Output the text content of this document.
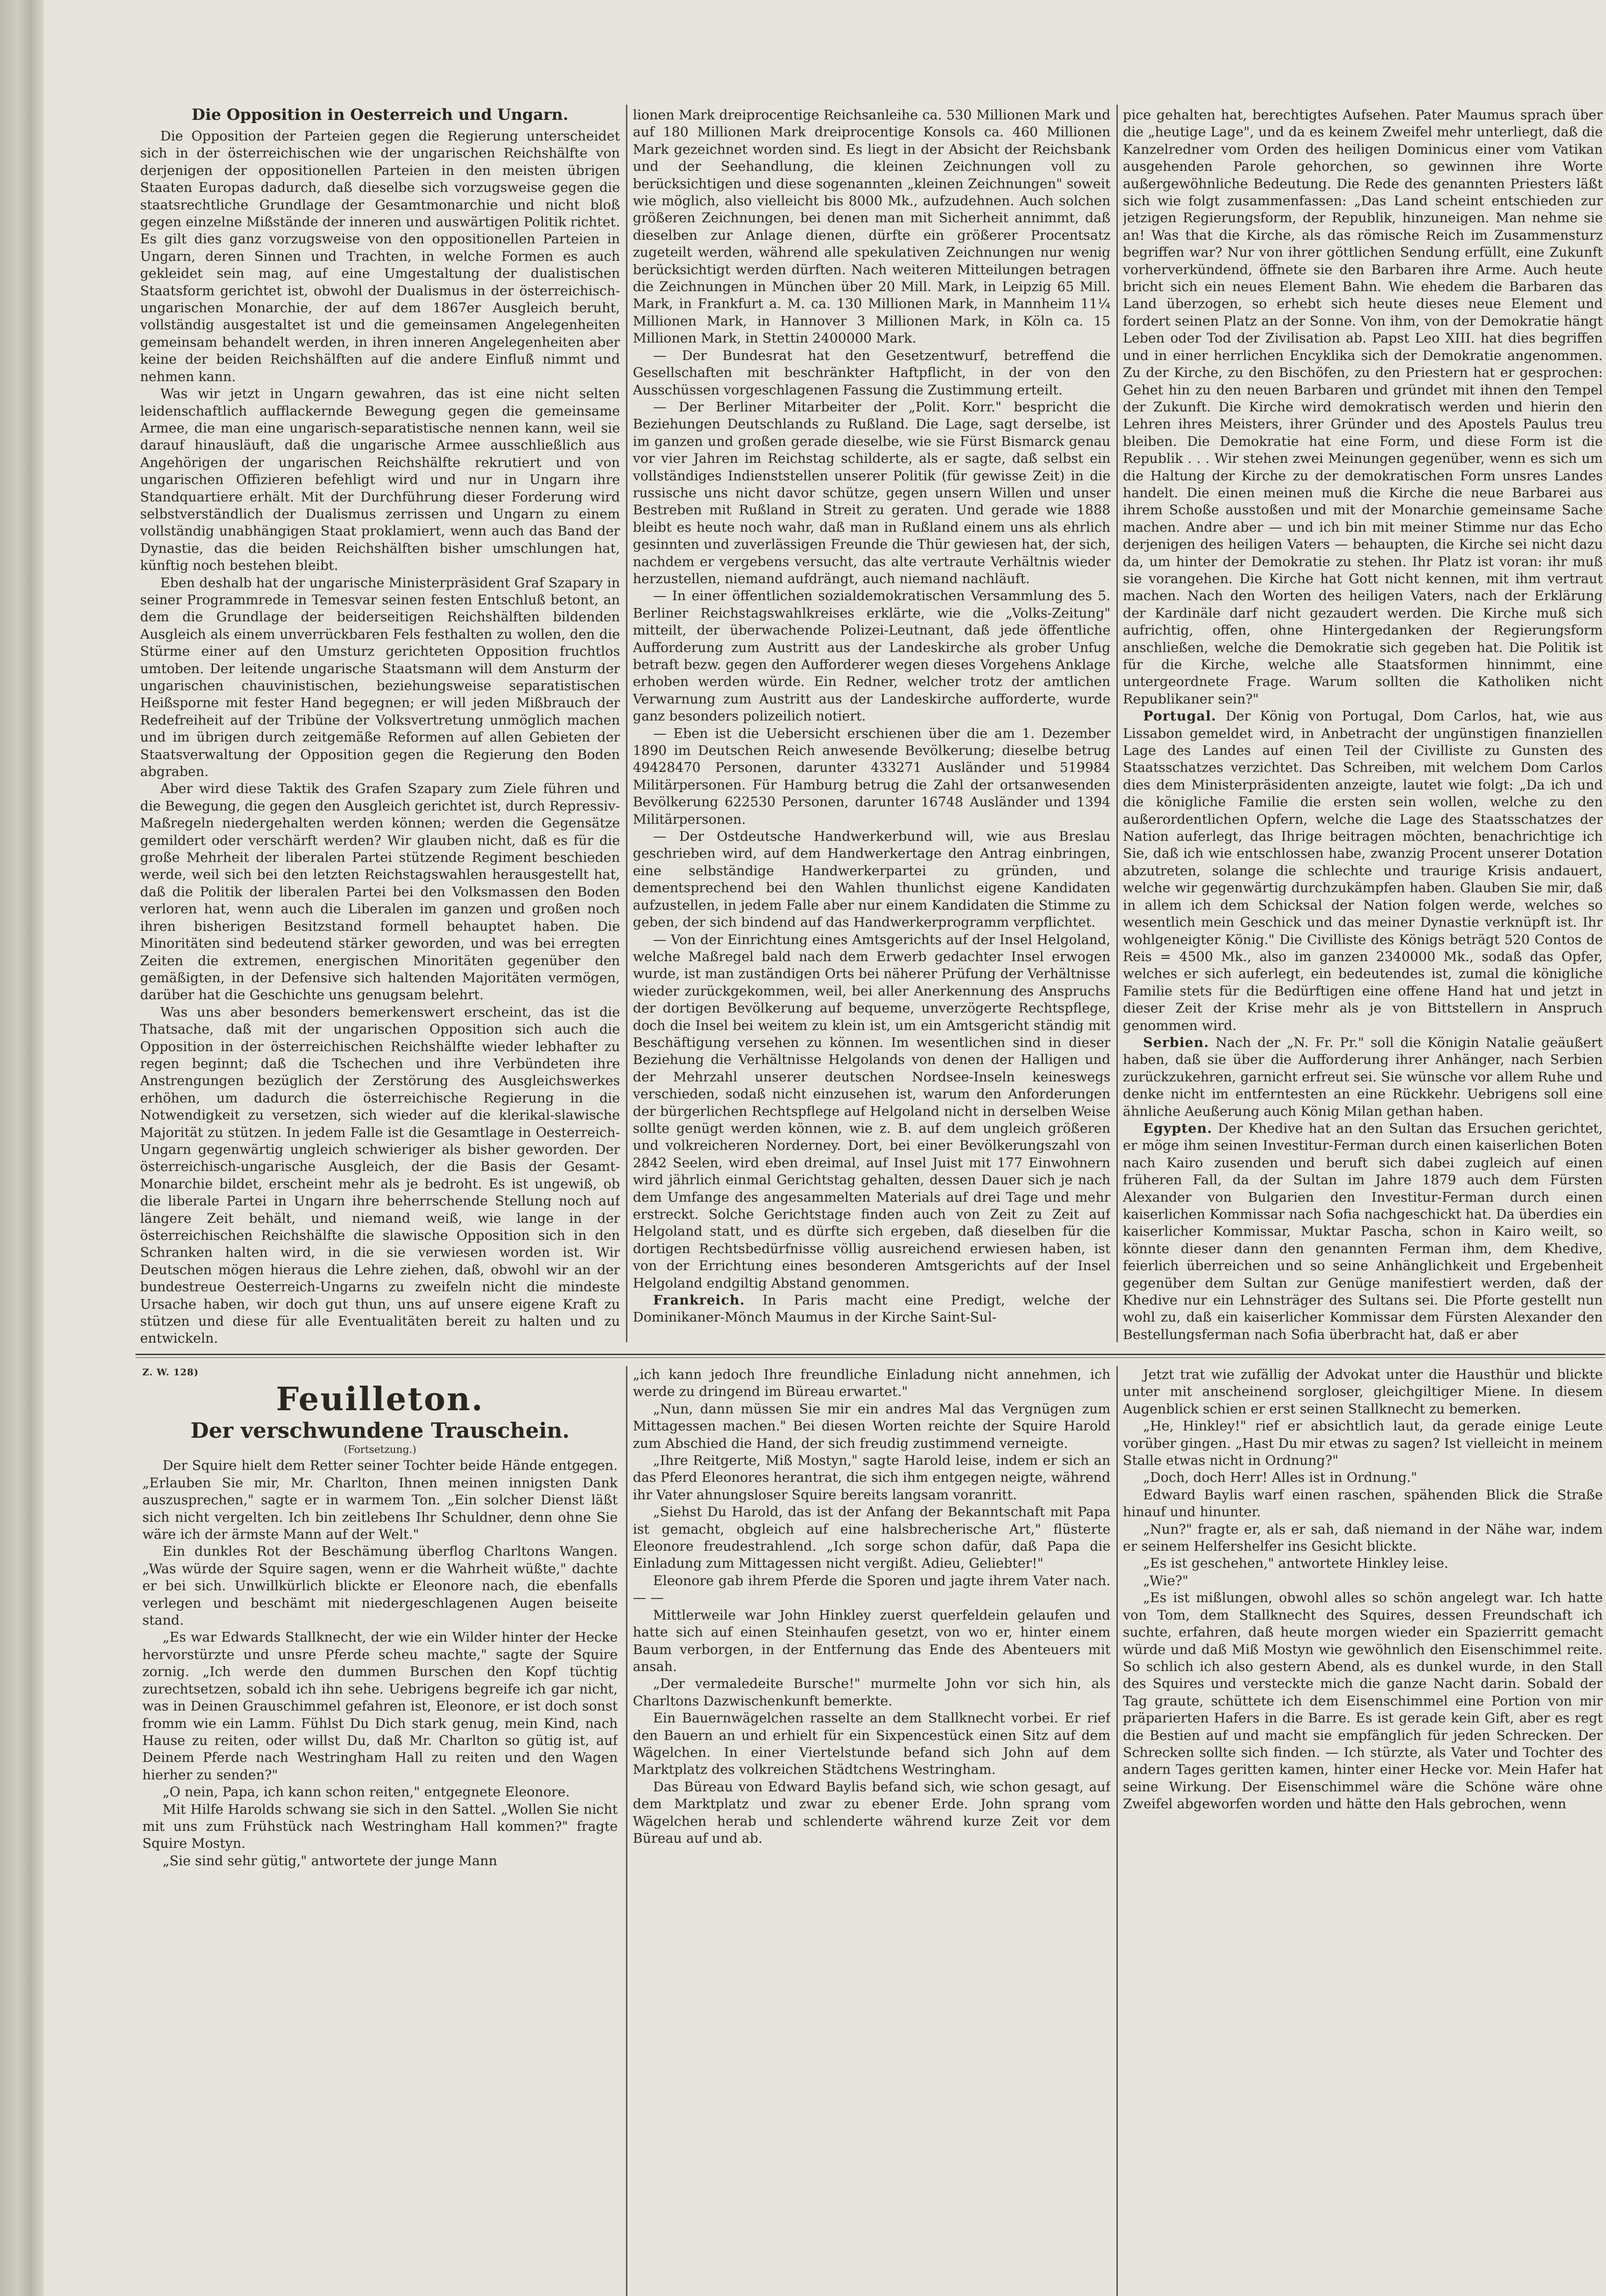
Die Opposition in Oesterreich und Ungarn.

Die Opposition der Parteien gegen die Regierung unterscheidet sich in der österreichischen wie der ungarischen Reichshälfte von derjenigen der oppositionellen Parteien in den meisten übrigen Staaten Europas dadurch, daß dieselbe sich vorzugsweise gegen die staatsrechtliche Grundlage der Gesamtmonarchie und nicht bloß gegen einzelne Mißstände der inneren und auswärtigen Politik richtet. Es gilt dies ganz vorzugsweise von den oppositionellen Parteien in Ungarn, deren Sinnen und Trachten, in welche Formen es auch gekleidet sein mag, auf eine Umgestaltung der dualistischen Staatsform gerichtet ist, obwohl der Dualismus in der österreichisch-ungarischen Monarchie, der auf dem 1867er Ausgleich beruht, vollständig ausgestaltet ist und die gemeinsamen Angelegenheiten gemeinsam behandelt werden, in ihren inneren Angelegenheiten aber keine der beiden Reichshälften auf die andere Einfluß nimmt und nehmen kann.

Was wir jetzt in Ungarn gewahren, das ist eine nicht selten leidenschaftlich aufflackernde Bewegung gegen die gemeinsame Armee, die man eine ungarisch-separatistische nennen kann, weil sie darauf hinausläuft, daß die ungarische Armee ausschließlich aus Angehörigen der ungarischen Reichshälfte rekrutiert und von ungarischen Offizieren befehligt wird und nur in Ungarn ihre Standquartiere erhält. Mit der Durchführung dieser Forderung wird selbstverständlich der Dualismus zerrissen und Ungarn zu einem vollständig unabhängigen Staat proklamiert, wenn auch das Band der Dynastie, das die beiden Reichshälften bisher umschlungen hat, künftig noch bestehen bleibt.

Eben deshalb hat der ungarische Ministerpräsident Graf Szapary in seiner Programmrede in Temesvar seinen festen Entschluß betont, an dem die Grundlage der beiderseitigen Reichshälften bildenden Ausgleich als einem unverrückbaren Fels festhalten zu wollen, den die Stürme einer auf den Umsturz gerichteten Opposition fruchtlos umtoben. Der leitende ungarische Staatsmann will dem Ansturm der ungarischen chauvinistischen, beziehungsweise separatistischen Heißsporne mit fester Hand begegnen; er will jeden Mißbrauch der Redefreiheit auf der Tribüne der Volksvertretung unmöglich machen und im übrigen durch zeitgemäße Reformen auf allen Gebieten der Staatsverwaltung der Opposition gegen die Regierung den Boden abgraben.

Aber wird diese Taktik des Grafen Szapary zum Ziele führen und die Bewegung, die gegen den Ausgleich gerichtet ist, durch Repressiv-Maßregeln niedergehalten werden können; werden die Gegensätze gemildert oder verschärft werden? Wir glauben nicht, daß es für die große Mehrheit der liberalen Partei stützende Regiment beschieden werde, weil sich bei den letzten Reichstagswahlen herausgestellt hat, daß die Politik der liberalen Partei bei den Volksmassen den Boden verloren hat, wenn auch die Liberalen im ganzen und großen noch ihren bisherigen Besitzstand formell behauptet haben. Die Minoritäten sind bedeutend stärker geworden, und was bei erregten Zeiten die extremen, energischen Minoritäten gegenüber den gemäßigten, in der Defensive sich haltenden Majoritäten vermögen, darüber hat die Geschichte uns genugsam belehrt.

Was uns aber besonders bemerkenswert erscheint, das ist die Thatsache, daß mit der ungarischen Opposition sich auch die Opposition in der österreichischen Reichshälfte wieder lebhafter zu regen beginnt; daß die Tschechen und ihre Verbündeten ihre Anstrengungen bezüglich der Zerstörung des Ausgleichswerkes erhöhen, um dadurch die österreichische Regierung in die Notwendigkeit zu versetzen, sich wieder auf die klerikal-slawische Majorität zu stützen. In jedem Falle ist die Gesamtlage in Oesterreich-Ungarn gegenwärtig ungleich schwieriger als bisher geworden. Der österreichisch-ungarische Ausgleich, der die Basis der Gesamt-Monarchie bildet, erscheint mehr als je bedroht. Es ist ungewiß, ob die liberale Partei in Ungarn ihre beherrschende Stellung noch auf längere Zeit behält, und niemand weiß, wie lange in der österreichischen Reichshälfte die slawische Opposition sich in den Schranken halten wird, in die sie verwiesen worden ist. Wir Deutschen mögen hieraus die Lehre ziehen, daß, obwohl wir an der bundestreue Oesterreich-Ungarns zu zweifeln nicht die mindeste Ursache haben, wir doch gut thun, uns auf unsere eigene Kraft zu stützen und diese für alle Eventualitäten bereit zu halten und zu entwickeln.

lionen Mark dreiprocentige Reichsanleihe ca. 530 Millionen Mark und auf 180 Millionen Mark dreiprocentige Konsols ca. 460 Millionen Mark gezeichnet worden sind. Es liegt in der Absicht der Reichsbank und der Seehandlung, die kleinen Zeichnungen voll zu berücksichtigen und diese sogenannten „kleinen Zeichnungen" soweit wie möglich, also vielleicht bis 8000 Mk., aufzudehnen. Auch solchen größeren Zeichnungen, bei denen man mit Sicherheit annimmt, daß dieselben zur Anlage dienen, dürfte ein größerer Procentsatz zugeteilt werden, während alle spekulativen Zeichnungen nur wenig berücksichtigt werden dürften. Nach weiteren Mitteilungen betragen die Zeichnungen in München über 20 Mill. Mark, in Leipzig 65 Mill. Mark, in Frankfurt a. M. ca. 130 Millionen Mark, in Mannheim 11¼ Millionen Mark, in Hannover 3 Millionen Mark, in Köln ca. 15 Millionen Mark, in Stettin 2400000 Mark.

— Der Bundesrat hat den Gesetzentwurf, betreffend die Gesellschaften mit beschränkter Haftpflicht, in der von den Ausschüssen vorgeschlagenen Fassung die Zustimmung erteilt.

— Der Berliner Mitarbeiter der „Polit. Korr." bespricht die Beziehungen Deutschlands zu Rußland. Die Lage, sagt derselbe, ist im ganzen und großen gerade dieselbe, wie sie Fürst Bismarck genau vor vier Jahren im Reichstag schilderte, als er sagte, daß selbst ein vollständiges Indienststellen unserer Politik (für gewisse Zeit) in die russische uns nicht davor schütze, gegen unsern Willen und unser Bestreben mit Rußland in Streit zu geraten. Und gerade wie 1888 bleibt es heute noch wahr, daß man in Rußland einem uns als ehrlich gesinnten und zuverlässigen Freunde die Thür gewiesen hat, der sich, nachdem er vergebens versucht, das alte vertraute Verhältnis wieder herzustellen, niemand aufdrängt, auch niemand nachläuft.

— In einer öffentlichen sozialdemokratischen Versammlung des 5. Berliner Reichstagswahlkreises erklärte, wie die „Volks-Zeitung" mitteilt, der überwachende Polizei-Leutnant, daß jede öffentliche Aufforderung zum Austritt aus der Landeskirche als grober Unfug betraft bezw. gegen den Aufforderer wegen dieses Vorgehens Anklage erhoben werden würde. Ein Redner, welcher trotz der amtlichen Verwarnung zum Austritt aus der Landeskirche aufforderte, wurde ganz besonders polizeilich notiert.

— Eben ist die Uebersicht erschienen über die am 1. Dezember 1890 im Deutschen Reich anwesende Bevölkerung; dieselbe betrug 49428470 Personen, darunter 433271 Ausländer und 519984 Militärpersonen. Für Hamburg betrug die Zahl der ortsanwesenden Bevölkerung 622530 Personen, darunter 16748 Ausländer und 1394 Militärpersonen.

— Der Ostdeutsche Handwerkerbund will, wie aus Breslau geschrieben wird, auf dem Handwerkertage den Antrag einbringen, eine selbständige Handwerkerpartei zu gründen, und dementsprechend bei den Wahlen thunlichst eigene Kandidaten aufzustellen, in jedem Falle aber nur einem Kandidaten die Stimme zu geben, der sich bindend auf das Handwerkerprogramm verpflichtet.

— Von der Einrichtung eines Amtsgerichts auf der Insel Helgoland, welche Maßregel bald nach dem Erwerb gedachter Insel erwogen wurde, ist man zuständigen Orts bei näherer Prüfung der Verhältnisse wieder zurückgekommen, weil, bei aller Anerkennung des Anspruchs der dortigen Bevölkerung auf bequeme, unverzögerte Rechtspflege, doch die Insel bei weitem zu klein ist, um ein Amtsgericht ständig mit Beschäftigung versehen zu können. Im wesentlichen sind in dieser Beziehung die Verhältnisse Helgolands von denen der Halligen und der Mehrzahl unserer deutschen Nordsee-Inseln keineswegs verschieden, sodaß nicht einzusehen ist, warum den Anforderungen der bürgerlichen Rechtspflege auf Helgoland nicht in derselben Weise sollte genügt werden können, wie z. B. auf dem ungleich größeren und volkreicheren Norderney. Dort, bei einer Bevölkerungszahl von 2842 Seelen, wird eben dreimal, auf Insel Juist mit 177 Einwohnern wird jährlich einmal Gerichtstag gehalten, dessen Dauer sich je nach dem Umfange des angesammelten Materials auf drei Tage und mehr erstreckt. Solche Gerichtstage finden auch von Zeit zu Zeit auf Helgoland statt, und es dürfte sich ergeben, daß dieselben für die dortigen Rechtsbedürfnisse völlig ausreichend erwiesen haben, ist von der Errichtung eines besonderen Amtsgerichts auf der Insel Helgoland endgiltig Abstand genommen.

Frankreich. In Paris macht eine Predigt, welche der Dominikaner-Mönch Maumus in der Kirche Saint-Sul-

pice gehalten hat, berechtigtes Aufsehen. Pater Maumus sprach über die „heutige Lage", und da es keinem Zweifel mehr unterliegt, daß die Kanzelredner vom Orden des heiligen Dominicus einer vom Vatikan ausgehenden Parole gehorchen, so gewinnen ihre Worte außergewöhnliche Bedeutung. Die Rede des genannten Priesters läßt sich wie folgt zusammenfassen: „Das Land scheint entschieden zur jetzigen Regierungsform, der Republik, hinzuneigen. Man nehme sie an! Was that die Kirche, als das römische Reich im Zusammensturz begriffen war? Nur von ihrer göttlichen Sendung erfüllt, eine Zukunft vorherverkündend, öffnete sie den Barbaren ihre Arme. Auch heute bricht sich ein neues Element Bahn. Wie ehedem die Barbaren das Land überzogen, so erhebt sich heute dieses neue Element und fordert seinen Platz an der Sonne. Von ihm, von der Demokratie hängt Leben oder Tod der Zivilisation ab. Papst Leo XIII. hat dies begriffen und in einer herrlichen Encyklika sich der Demokratie angenommen. Zu der Kirche, zu den Bischöfen, zu den Priestern hat er gesprochen: Gehet hin zu den neuen Barbaren und gründet mit ihnen den Tempel der Zukunft. Die Kirche wird demokratisch werden und hierin den Lehren ihres Meisters, ihrer Gründer und des Apostels Paulus treu bleiben. Die Demokratie hat eine Form, und diese Form ist die Republik . . . Wir stehen zwei Meinungen gegenüber, wenn es sich um die Haltung der Kirche zu der demokratischen Form unsres Landes handelt. Die einen meinen muß die Kirche die neue Barbarei aus ihrem Schoße ausstoßen und mit der Monarchie gemeinsame Sache machen. Andre aber — und ich bin mit meiner Stimme nur das Echo derjenigen des heiligen Vaters — behaupten, die Kirche sei nicht dazu da, um hinter der Demokratie zu stehen. Ihr Platz ist voran: ihr muß sie vorangehen. Die Kirche hat Gott nicht kennen, mit ihm vertraut machen. Nach den Worten des heiligen Vaters, nach der Erklärung der Kardinäle darf nicht gezaudert werden. Die Kirche muß sich aufrichtig, offen, ohne Hintergedanken der Regierungsform anschließen, welche die Demokratie sich gegeben hat. Die Politik ist für die Kirche, welche alle Staatsformen hinnimmt, eine untergeordnete Frage. Warum sollten die Katholiken nicht Republikaner sein?"

Portugal. Der König von Portugal, Dom Carlos, hat, wie aus Lissabon gemeldet wird, in Anbetracht der ungünstigen finanziellen Lage des Landes auf einen Teil der Civilliste zu Gunsten des Staatsschatzes verzichtet. Das Schreiben, mit welchem Dom Carlos dies dem Ministerpräsidenten anzeigte, lautet wie folgt: „Da ich und die königliche Familie die ersten sein wollen, welche zu den außerordentlichen Opfern, welche die Lage des Staatsschatzes der Nation auferlegt, das Ihrige beitragen möchten, benachrichtige ich Sie, daß ich wie entschlossen habe, zwanzig Procent unserer Dotation abzutreten, solange die schlechte und traurige Krisis andauert, welche wir gegenwärtig durchzukämpfen haben. Glauben Sie mir, daß in allem ich dem Schicksal der Nation folgen werde, welches so wesentlich mein Geschick und das meiner Dynastie verknüpft ist. Ihr wohlgeneigter König." Die Civilliste des Königs beträgt 520 Contos de Reis = 4500 Mk., also im ganzen 2340000 Mk., sodaß das Opfer, welches er sich auferlegt, ein bedeutendes ist, zumal die königliche Familie stets für die Bedürftigen eine offene Hand hat und jetzt in dieser Zeit der Krise mehr als je von Bittstellern in Anspruch genommen wird.

Serbien. Nach der „N. Fr. Pr." soll die Königin Natalie geäußert haben, daß sie über die Aufforderung ihrer Anhänger, nach Serbien zurückzukehren, garnicht erfreut sei. Sie wünsche vor allem Ruhe und denke nicht im entferntesten an eine Rückkehr. Uebrigens soll eine ähnliche Aeußerung auch König Milan gethan haben.

Egypten. Der Khedive hat an den Sultan das Ersuchen gerichtet, er möge ihm seinen Investitur-Ferman durch einen kaiserlichen Boten nach Kairo zusenden und beruft sich dabei zugleich auf einen früheren Fall, da der Sultan im Jahre 1879 auch dem Fürsten Alexander von Bulgarien den Investitur-Ferman durch einen kaiserlichen Kommissar nach Sofia nachgeschickt hat. Da überdies ein kaiserlicher Kommissar, Muktar Pascha, schon in Kairo weilt, so könnte dieser dann den genannten Ferman ihm, dem Khedive, feierlich überreichen und so seine Anhänglichkeit und Ergebenheit gegenüber dem Sultan zur Genüge manifestiert werden, daß der Khedive nur ein Lehnsträger des Sultans sei. Die Pforte gestellt nun wohl zu, daß ein kaiserlicher Kommissar dem Fürsten Alexander den Bestellungsferman nach Sofia überbracht hat, daß er aber

Z. W. 128)

Feuilleton.

Der verschwundene Trauschein.

(Fortsetzung.)

Der Squire hielt dem Retter seiner Tochter beide Hände entgegen. „Erlauben Sie mir, Mr. Charlton, Ihnen meinen innigsten Dank auszusprechen," sagte er in warmem Ton. „Ein solcher Dienst läßt sich nicht vergelten. Ich bin zeitlebens Ihr Schuldner, denn ohne Sie wäre ich der ärmste Mann auf der Welt."

Ein dunkles Rot der Beschämung überflog Charltons Wangen. „Was würde der Squire sagen, wenn er die Wahrheit wüßte," dachte er bei sich. Unwillkürlich blickte er Eleonore nach, die ebenfalls verlegen und beschämt mit niedergeschlagenen Augen beiseite stand.

„Es war Edwards Stallknecht, der wie ein Wilder hinter der Hecke hervorstürzte und unsre Pferde scheu machte," sagte der Squire zornig. „Ich werde den dummen Burschen den Kopf tüchtig zurechtsetzen, sobald ich ihn sehe. Uebrigens begreife ich gar nicht, was in Deinen Grauschimmel gefahren ist, Eleonore, er ist doch sonst fromm wie ein Lamm. Fühlst Du Dich stark genug, mein Kind, nach Hause zu reiten, oder willst Du, daß Mr. Charlton so gütig ist, auf Deinem Pferde nach Westringham Hall zu reiten und den Wagen hierher zu senden?"

„O nein, Papa, ich kann schon reiten," entgegnete Eleonore.

Mit Hilfe Harolds schwang sie sich in den Sattel. „Wollen Sie nicht mit uns zum Frühstück nach Westringham Hall kommen?" fragte Squire Mostyn.

„Sie sind sehr gütig," antwortete der junge Mann

„ich kann jedoch Ihre freundliche Einladung nicht annehmen, ich werde zu dringend im Büreau erwartet."

„Nun, dann müssen Sie mir ein andres Mal das Vergnügen zum Mittagessen machen." Bei diesen Worten reichte der Squire Harold zum Abschied die Hand, der sich freudig zustimmend verneigte.

„Ihre Reitgerte, Miß Mostyn," sagte Harold leise, indem er sich an das Pferd Eleonores herantrat, die sich ihm entgegen neigte, während ihr Vater ahnungsloser Squire bereits langsam voranritt.

„Siehst Du Harold, das ist der Anfang der Bekanntschaft mit Papa ist gemacht, obgleich auf eine halsbrecherische Art," flüsterte Eleonore freudestrahlend. „Ich sorge schon dafür, daß Papa die Einladung zum Mittagessen nicht vergißt. Adieu, Geliebter!"

Eleonore gab ihrem Pferde die Sporen und jagte ihrem Vater nach. — —

Mittlerweile war John Hinkley zuerst querfeldein gelaufen und hatte sich auf einen Steinhaufen gesetzt, von wo er, hinter einem Baum verborgen, in der Entfernung das Ende des Abenteuers mit ansah.

„Der vermaledeite Bursche!" murmelte John vor sich hin, als Charltons Dazwischenkunft bemerkte.

Ein Bauernwägelchen rasselte an dem Stallknecht vorbei. Er rief den Bauern an und erhielt für ein Sixpencestück einen Sitz auf dem Wägelchen. In einer Viertelstunde befand sich John auf dem Marktplatz des volkreichen Städtchens Westringham.

Das Büreau von Edward Baylis befand sich, wie schon gesagt, auf dem Marktplatz und zwar zu ebener Erde. John sprang vom Wägelchen herab und schlenderte während kurze Zeit vor dem Büreau auf und ab.

Jetzt trat wie zufällig der Advokat unter die Hausthür und blickte unter mit anscheinend sorgloser, gleichgiltiger Miene. In diesem Augenblick schien er erst seinen Stallknecht zu bemerken.

„He, Hinkley!" rief er absichtlich laut, da gerade einige Leute vorüber gingen. „Hast Du mir etwas zu sagen? Ist vielleicht in meinem Stalle etwas nicht in Ordnung?"

„Doch, doch Herr! Alles ist in Ordnung."

Edward Baylis warf einen raschen, spähenden Blick die Straße hinauf und hinunter.

„Nun?" fragte er, als er sah, daß niemand in der Nähe war, indem er seinem Helfershelfer ins Gesicht blickte.

„Es ist geschehen," antwortete Hinkley leise.

„Wie?"

„Es ist mißlungen, obwohl alles so schön angelegt war. Ich hatte von Tom, dem Stallknecht des Squires, dessen Freundschaft ich suchte, erfahren, daß heute morgen wieder ein Spazierritt gemacht würde und daß Miß Mostyn wie gewöhnlich den Eisenschimmel reite. So schlich ich also gestern Abend, als es dunkel wurde, in den Stall des Squires und versteckte mich die ganze Nacht darin. Sobald der Tag graute, schüttete ich dem Eisenschimmel eine Portion von mir präparierten Hafers in die Barre. Es ist gerade kein Gift, aber es regt die Bestien auf und macht sie empfänglich für jeden Schrecken. Der Schrecken sollte sich finden. — Ich stürzte, als Vater und Tochter des andern Tages geritten kamen, hinter einer Hecke vor. Mein Hafer hat seine Wirkung. Der Eisenschimmel wäre die Schöne wäre ohne Zweifel abgeworfen worden und hätte den Hals gebrochen, wenn
